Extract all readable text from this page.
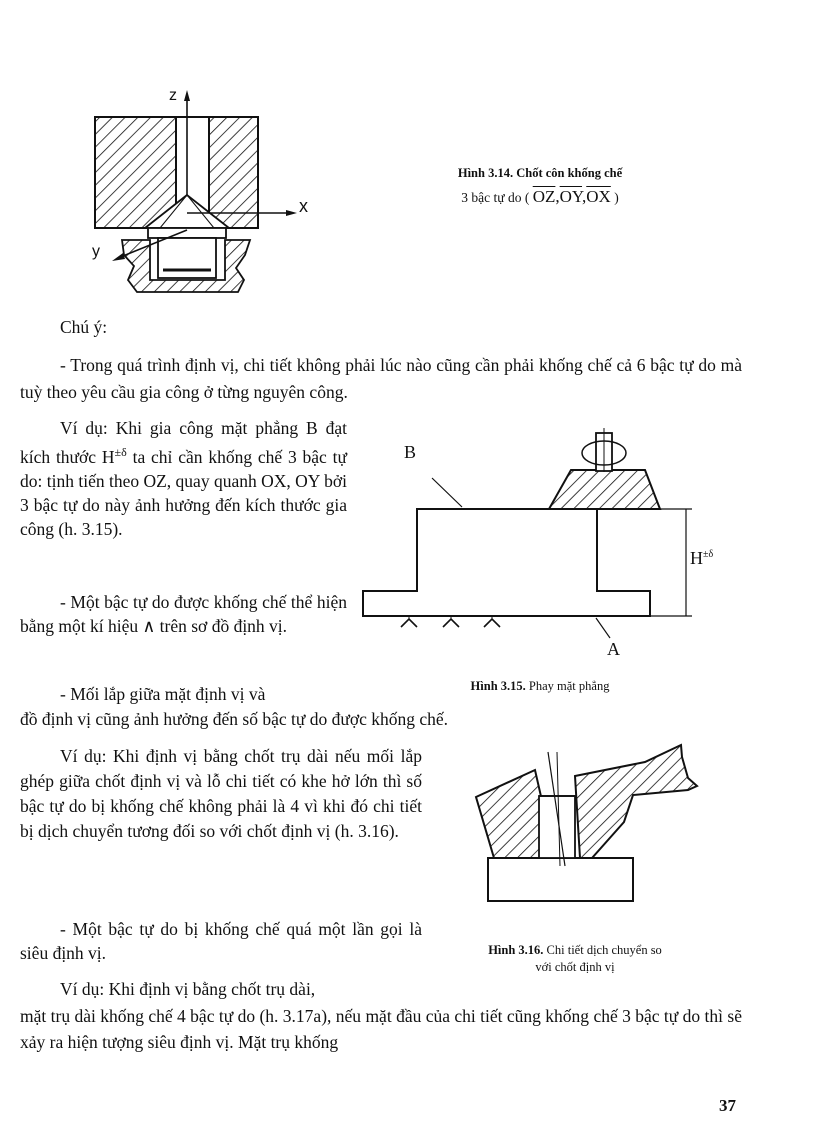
z
x
y
Hình 3.14. Chốt côn khống chế
3 bậc tự do ( $\overline{OZ},\overline{OY},\overline{OX}$ )
Chú ý:
- Trong quá trình định vị, chi tiết không phải lúc nào cũng cần phải khống chế cả 6 bậc tự do mà tuỳ theo yêu cầu gia công ở từng nguyên công.
Ví dụ: Khi gia công mặt phẳng B đạt kích thước $H^{\pm\delta}$ ta chỉ cần khống chế 3 bậc tự do: tịnh tiến theo OZ, quay quanh OX, OY bởi 3 bậc tự do này ảnh hưởng đến kích thước gia công (h. 3.15).
- Một bậc tự do được khống chế thể hiện bằng một kí hiệu ∧ trên sơ đồ định vị.
- Mối lắp giữa mặt định vị và
đồ định vị cũng ảnh hưởng đến số bậc tự do được khống chế.
Ví dụ: Khi định vị bằng chốt trụ dài nếu mối lắp ghép giữa chốt định vị và lỗ chi tiết có khe hở lớn thì số bậc tự do bị khống chế không phải là 4 vì khi đó chi tiết bị dịch chuyển tương đối so với chốt định vị (h. 3.16).
- Một bậc tự do bị khống chế quá một lần gọi là siêu định vị.
Ví dụ: Khi định vị bằng chốt trụ dài,
mặt trụ dài khống chế 4 bậc tự do (h. 3.17a), nếu mặt đầu của chi tiết cũng khống chế 3 bậc tự do thì sẽ xảy ra hiện tượng siêu định vị. Mặt trụ khống
B
A
$H^{\pm\delta}$
Hình 3.15. Phay mặt phẳng
Hình 3.16. Chi tiết dịch chuyển so
với chốt định vị
37
